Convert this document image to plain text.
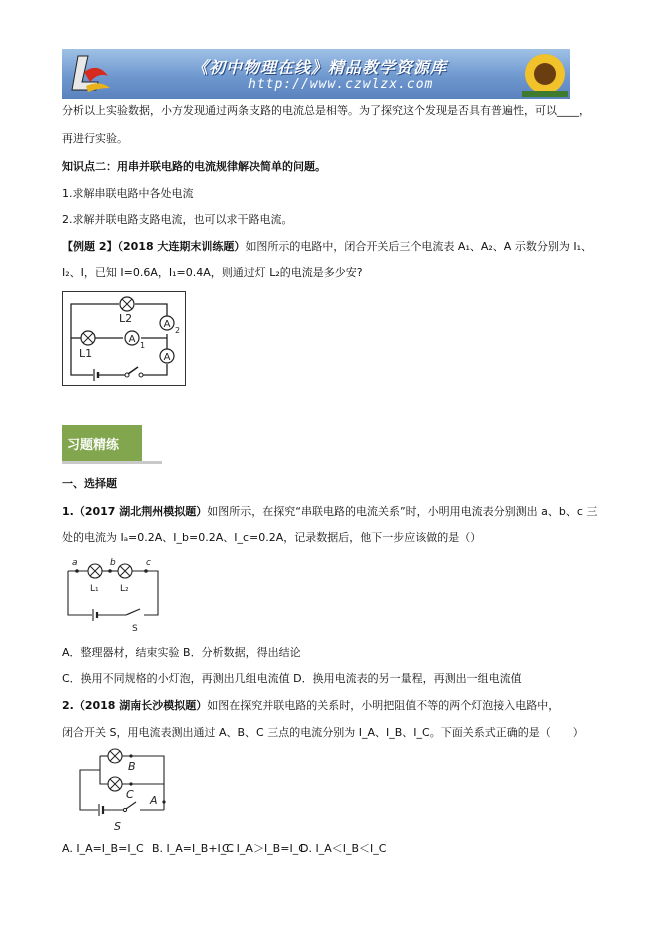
《初中物理在线》精品教学资源库
http://www.czwlzx.com
分析以上实验数据，小方发现通过两条支路的电流总是相等。为了探究这个发现是否具有普遍性，可以____，
再进行实验。
知识点二：用串并联电路的电流规律解决简单的问题。
1.求解串联电路中各处电流
2.求解并联电路支路电流，也可以求干路电流。
【例题 2】（2018 大连期末训练题）如图所示的电路中，闭合开关后三个电流表 A₁、A₂、A 示数分别为 I₁、
I₂、I，已知 I=0.6A，I₁=0.4A，则通过灯 L₂的电流是多少安?
A
A
A
L2
L1
2
1
习题精练
一、选择题
1.（2017 湖北荆州模拟题）如图所示，在探究“串联电路的电流关系”时，小明用电流表分别测出 a、b、c 三
处的电流为 Iₐ=0.2A、I_b=0.2A、I_c=0.2A，记录数据后，他下一步应该做的是（）
a	b	c
L₁ L₂
S
A．整理器材，结束实验 B．分析数据，得出结论
C．换用不同规格的小灯泡，再测出几组电流值 D．换用电流表的另一量程，再测出一组电流值
2.（2018 湖南长沙模拟题）如图在探究并联电路的关系时，小明把阻值不等的两个灯泡接入电路中，
闭合开关 S，用电流表测出通过 A、B、C 三点的电流分别为 I_A、I_B、I_C。下面关系式正确的是（　　）
B
C A
S
A. I_A=I_B=I_C B. I_A=I_B+I_C
C. I_A＞I_B=I_C
D. I_A＜I_B＜I_C
